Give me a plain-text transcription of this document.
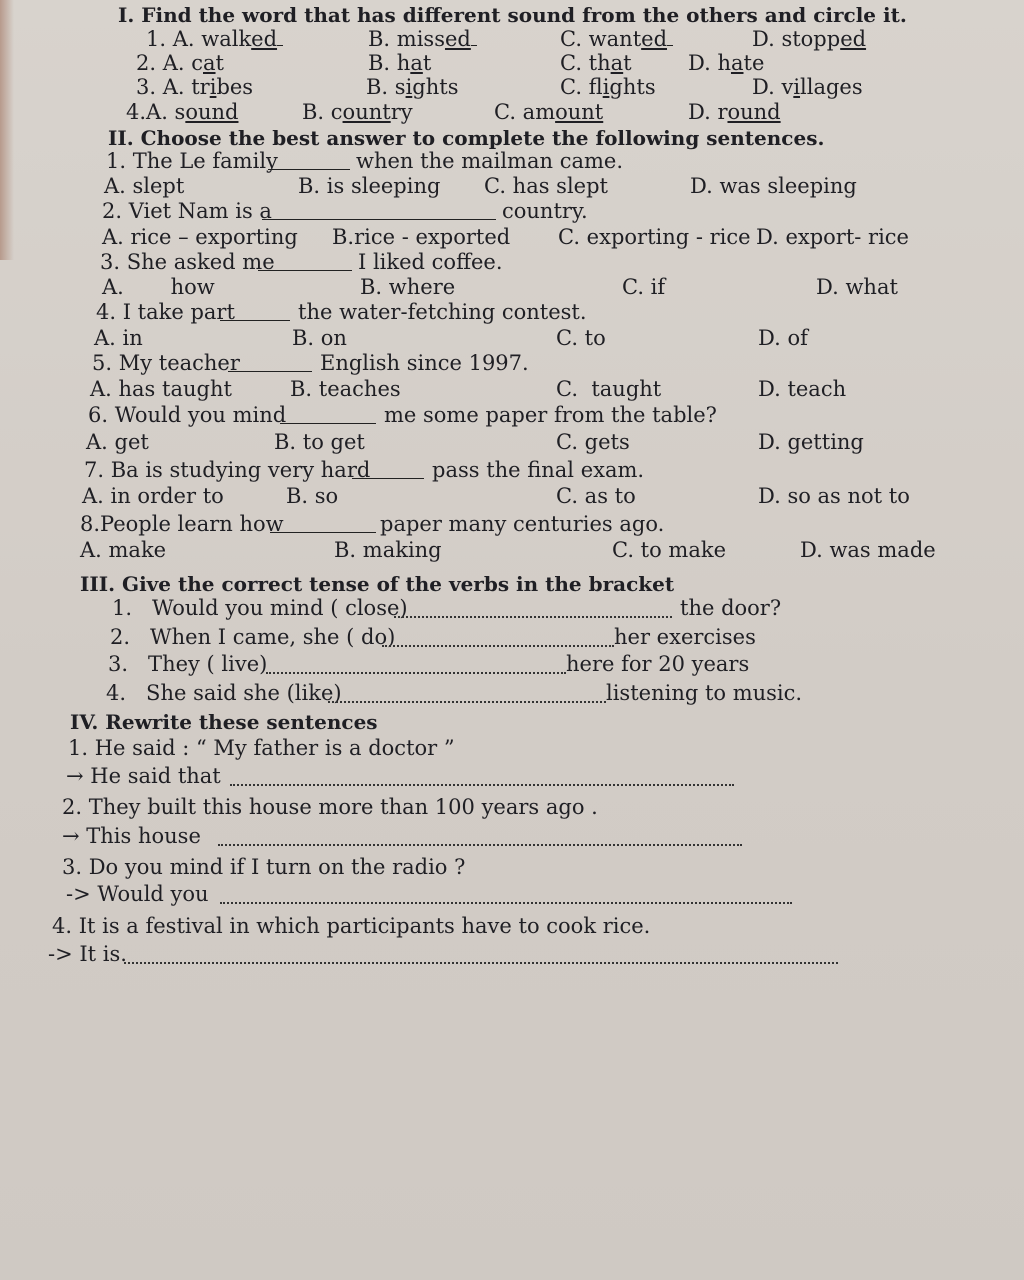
I. Find the word that has different sound from the others and circle it.
1. A. walked	B. missed	C. wanted	D. stopped
2. A. cat	B. hat	C. that	D. hate
3. A. tribes	B. sights	C. flights	D. villages
4.A. sound	B. country	C. amount	D. round
II. Choose the best answer to complete the following sentences.
1. The Le family	when the mailman came.
A. slept	B. is sleeping C. has slept	D. was sleeping
2. Viet Nam is a	country.
A. rice – exporting B.rice - exported C. exporting - rice D. export- rice
3. She asked me	I liked coffee.
A.       how	B. where	C. if	D. what
4. I take part	the water-fetching contest.
A. in	B. on	C. to	D. of
5. My teacher	English since 1997.
A. has taught	B. teaches	C.  taught	D. teach
6. Would you mind	me some paper from the table?
A. get	B. to get	C. gets	D. getting
7. Ba is studying very hard	pass the final exam.
A. in order to	B. so	C. as to	D. so as not to
8.People learn how	paper many centuries ago.
A. make	B. making	C. to make	D. was made
III. Give the correct tense of the verbs in the bracket
1.   Would you mind ( close)	the door?
2.   When I came, she ( do)	her exercises
3.   They ( live)	here for 20 years
4.   She said she (like)	listening to music.
IV. Rewrite these sentences
1. He said : “ My father is a doctor ”
→ He said that
2. They built this house more than 100 years ago .
→ This house
3. Do you mind if I turn on the radio ?
-> Would you
4. It is a festival in which participants have to cook rice.
-> It is.
